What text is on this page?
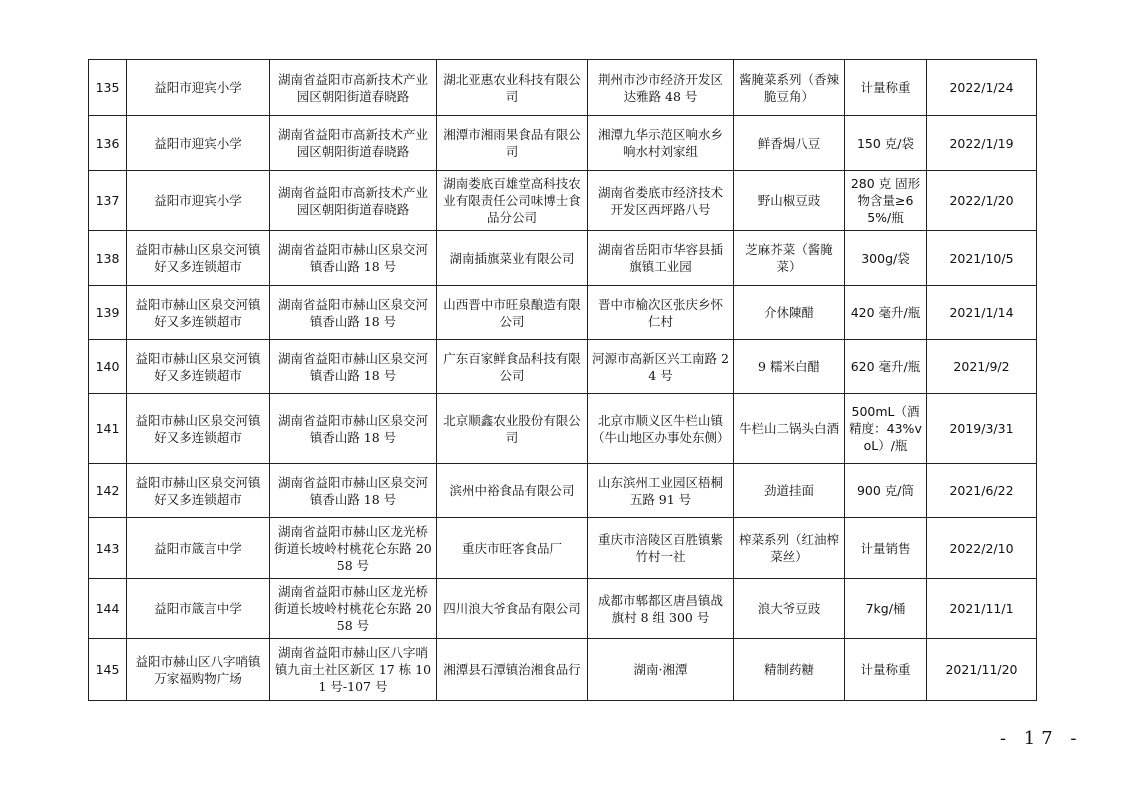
135	益阳市迎宾小学	湖南省益阳市高新技术产业园区朝阳街道春晓路	湖北亚惠农业科技有限公司	荆州市沙市经济开发区达雅路 48 号	酱腌菜系列（香辣脆豆角）	计量称重	2022/1/24
136	益阳市迎宾小学	湖南省益阳市高新技术产业园区朝阳街道春晓路	湘潭市湘雨果食品有限公司	湘潭九华示范区响水乡响水村刘家组	鲜香焗八豆	150 克/袋	2022/1/19
137	益阳市迎宾小学	湖南省益阳市高新技术产业园区朝阳街道春晓路	湖南娄底百雄堂高科技农业有限责任公司味博士食品分公司	湖南省娄底市经济技术开发区西坪路八号	野山椒豆豉	280 克 固形物含量≥65%/瓶	2022/1/20
138	益阳市赫山区泉交河镇好又多连锁超市	湖南省益阳市赫山区泉交河镇香山路 18 号	湖南插旗菜业有限公司	湖南省岳阳市华容县插旗镇工业园	芝麻芥菜（酱腌菜）	300g/袋	2021/10/5
139	益阳市赫山区泉交河镇好又多连锁超市	湖南省益阳市赫山区泉交河镇香山路 18 号	山西晋中市旺泉酿造有限公司	晋中市榆次区张庆乡怀仁村	介休陳醋	420 毫升/瓶	2021/1/14
140	益阳市赫山区泉交河镇好又多连锁超市	湖南省益阳市赫山区泉交河镇香山路 18 号	广东百家鲜食品科技有限公司	河源市高新区兴工南路 24 号	9 糯米白醋	620 毫升/瓶	2021/9/2
141	益阳市赫山区泉交河镇好又多连锁超市	湖南省益阳市赫山区泉交河镇香山路 18 号	北京顺鑫农业股份有限公司	北京市顺义区牛栏山镇（牛山地区办事处东侧）	牛栏山二锅头白酒	500mL（酒精度：43%voL）/瓶	2019/3/31
142	益阳市赫山区泉交河镇好又多连锁超市	湖南省益阳市赫山区泉交河镇香山路 18 号	滨州中裕食品有限公司	山东滨州工业园区梧桐五路 91 号	劲道挂面	900 克/筒	2021/6/22
143	益阳市箴言中学	湖南省益阳市赫山区龙光桥街道长坡岭村桃花仑东路 2058 号	重庆市旺客食品厂	重庆市涪陵区百胜镇紫竹村一社	榨菜系列（红油榨菜丝）	计量销售	2022/2/10
144	益阳市箴言中学	湖南省益阳市赫山区龙光桥街道长坡岭村桃花仑东路 2058 号	四川浪大爷食品有限公司	成都市郫都区唐昌镇战旗村 8 组 300 号	浪大爷豆豉	7kg/桶	2021/11/1
145	益阳市赫山区八字哨镇万家福购物广场	湖南省益阳市赫山区八字哨镇九亩土社区新区 17 栋 101 号-107 号	湘潭县石潭镇治湘食品行	湖南·湘潭	精制药糖	计量称重	2021/11/20
- 17 -
